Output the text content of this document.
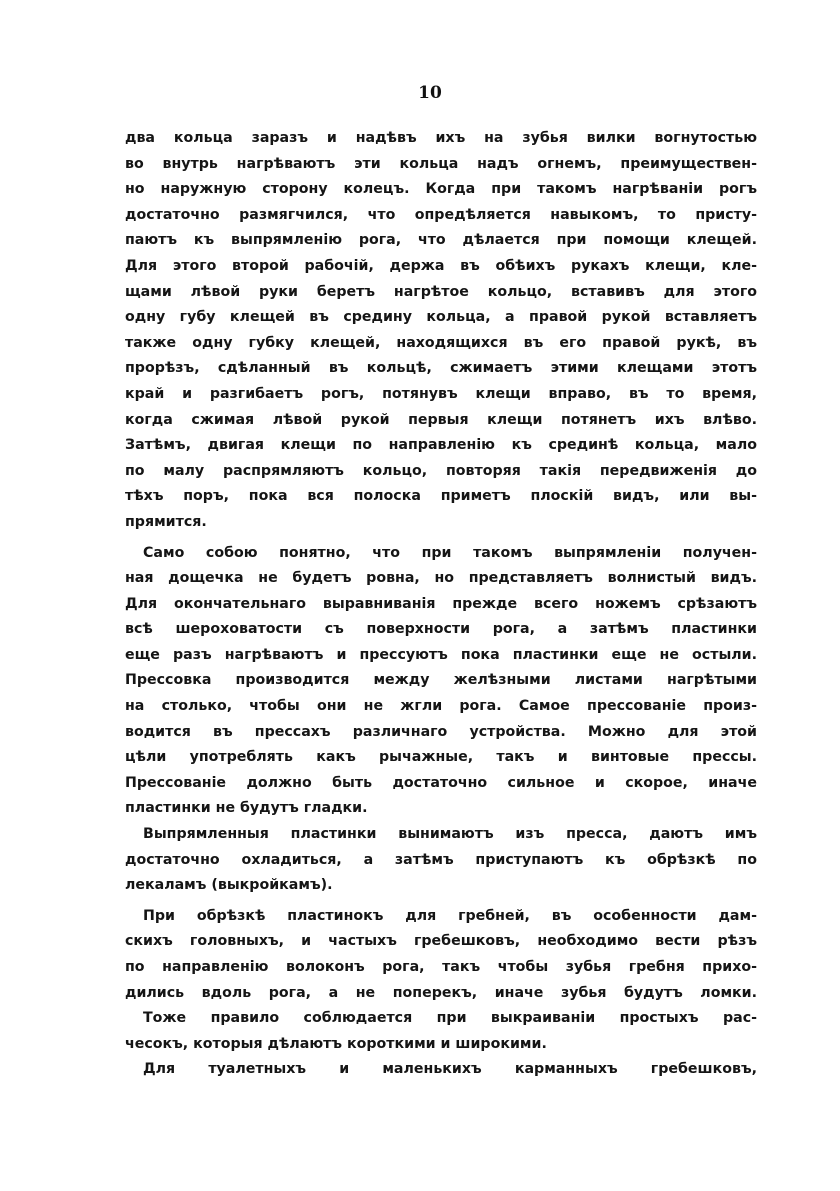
10
два кольца заразъ и надѣвъ ихъ на зубья вилки вогнутостью
во внутрь нагрѣваютъ эти кольца надъ огнемъ, преимуществен-
но наружную сторону колецъ. Когда при такомъ нагрѣваніи рогъ
достаточно размягчился, что опредѣляется навыкомъ, то присту-
паютъ къ выпрямленію рога, что дѣлается при помощи клещей.
Для этого второй рабочій, держа въ обѣихъ рукахъ клещи, кле-
щами лѣвой руки беретъ нагрѣтое кольцо, вставивъ для этого
одну губу клещей въ средину кольца, а правой рукой вставляетъ
также одну губку клещей, находящихся въ его правой рукѣ, въ
прорѣзъ, сдѣланный въ кольцѣ, сжимаетъ этими клещами этотъ
край и разгибаетъ рогъ, потянувъ клещи вправо, въ то время,
когда сжимая лѣвой рукой первыя клещи потянетъ ихъ влѣво.
Затѣмъ, двигая клещи по направленію къ срединѣ кольца, мало
по малу распрямляютъ кольцо, повторяя такія передвиженія до
тѣхъ поръ, пока вся полоска приметъ плоскій видъ, или вы-
прямится.
Само собою понятно, что при такомъ выпрямленіи получен-
ная дощечка не будетъ ровна, но представляетъ волнистый видъ.
Для окончательнаго выравниванія прежде всего ножемъ срѣзаютъ
всѣ шероховатости съ поверхности рога, а затѣмъ пластинки
еще разъ нагрѣваютъ и прессуютъ пока пластинки еще не остыли.
Прессовка производится между желѣзными листами нагрѣтыми
на столько, чтобы они не жгли рога. Самое прессованіе произ-
водится въ прессахъ различнаго устройства. Можно для этой
цѣли употреблять какъ рычажные, такъ и винтовые прессы.
Прессованіе должно быть достаточно сильное и скорое, иначе
пластинки не будутъ гладки.
Выпрямленныя пластинки вынимаютъ изъ пресса, даютъ имъ
достаточно охладиться, а затѣмъ приступаютъ къ обрѣзкѣ по
лекаламъ (выкройкамъ).
При обрѣзкѣ пластинокъ для гребней, въ особенности дам-
скихъ головныхъ, и частыхъ гребешковъ, необходимо вести рѣзъ
по направленію волоконъ рога, такъ чтобы зубья гребня прихо-
дились вдоль рога, а не поперекъ, иначе зубья будутъ ломки.
Тоже правило соблюдается при выкраиваніи простыхъ рас-
чесокъ, которыя дѣлаютъ короткими и широкими.
Для туалетныхъ и маленькихъ карманныхъ гребешковъ,
